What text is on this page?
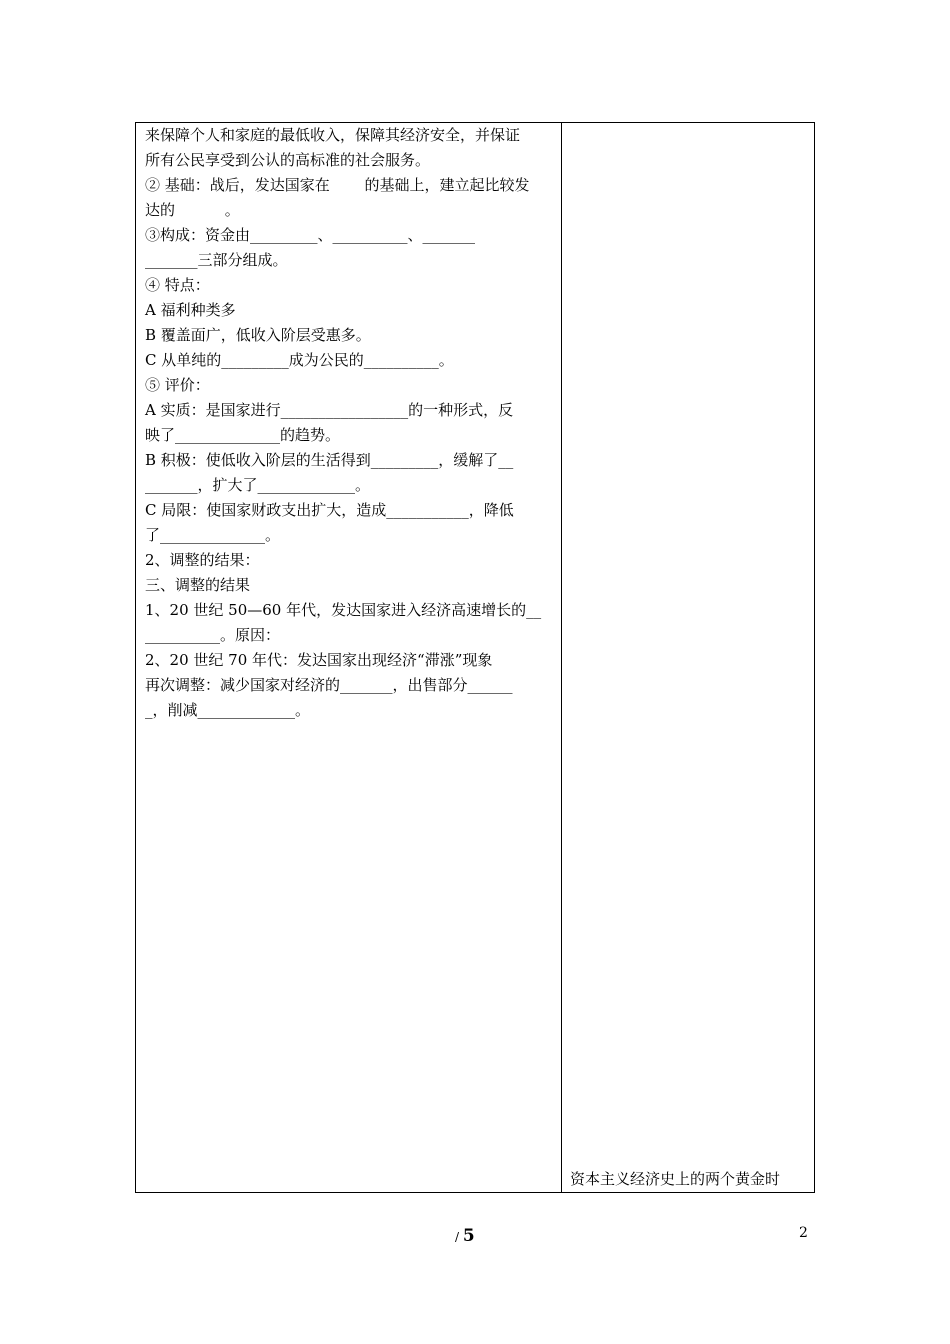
来保障个人和家庭的最低收入，保障其经济安全，并保证
所有公民享受到公认的高标准的社会服务。
② 基础：战后，发达国家在　　 的基础上，建立起比较发
达的　　　 。
③构成：资金由_________、__________、_______
_______三部分组成。
④ 特点：
A 福利种类多
B 覆盖面广，低收入阶层受惠多。
C 从单纯的_________成为公民的__________。
⑤ 评价：
A 实质：是国家进行_________________的一种形式，反
映了______________的趋势。
B 积极：使低收入阶层的生活得到_________，缓解了__
_______，扩大了_____________。
C 局限：使国家财政支出扩大，造成___________，降低
了______________。
2、调整的结果：
三、调整的结果
1、20 世纪 50—60 年代，发达国家进入经济高速增长的__
__________。原因：
2、20 世纪 70 年代：发达国家出现经济“滞涨”现象
再次调整：减少国家对经济的_______，出售部分______
_，削减_____________。
资本主义经济史上的两个黄金时
/ 5	2
